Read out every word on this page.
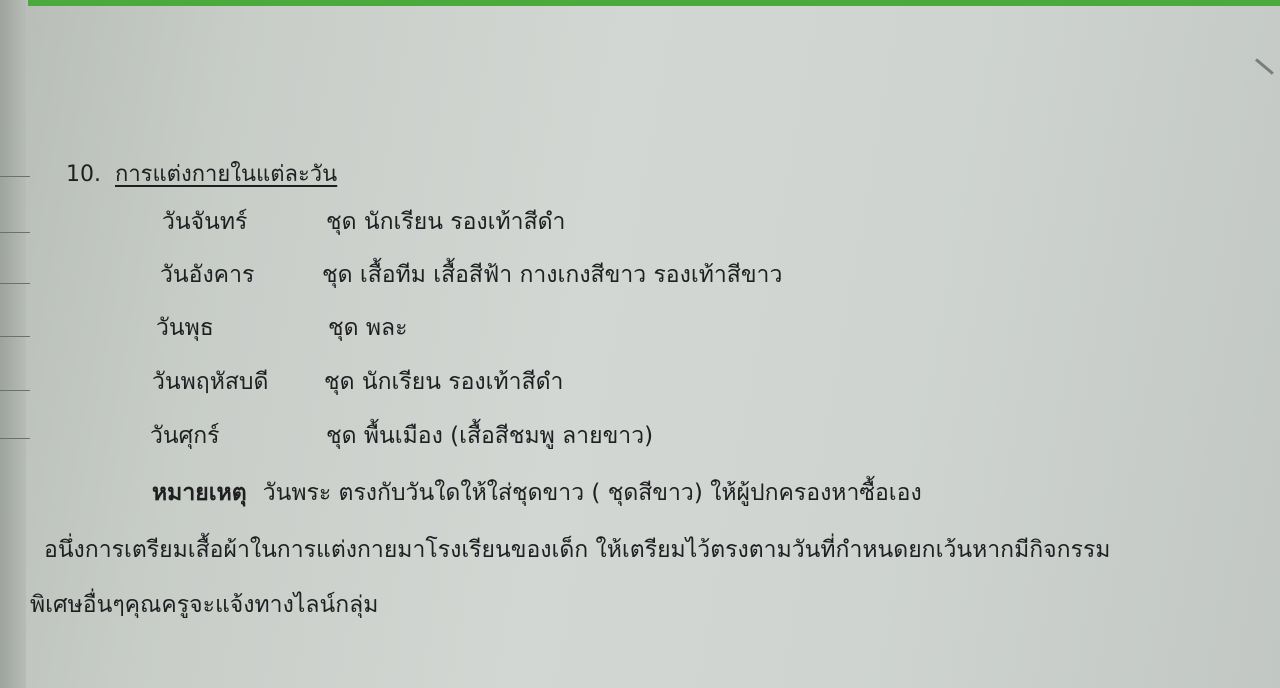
10. การแต่งกายในแต่ละวัน
วันจันทร์	ชุด นักเรียน รองเท้าสีดำ
วันอังคาร	ชุด เสื้อทีม เสื้อสีฟ้า กางเกงสีขาว รองเท้าสีขาว
วันพุธ	ชุด พละ
วันพฤหัสบดี ชุด นักเรียน รองเท้าสีดำ
วันศุกร์	ชุด พื้นเมือง (เสื้อสีชมพู ลายขาว)
หมายเหตุ วันพระ ตรงกับวันใดให้ใส่ชุดขาว ( ชุดสีขาว) ให้ผู้ปกครองหาซื้อเอง
อนึ่งการเตรียมเสื้อผ้าในการแต่งกายมาโรงเรียนของเด็ก ให้เตรียมไว้ตรงตามวันที่กำหนดยกเว้นหากมีกิจกรรม
พิเศษอื่นๆคุณครูจะแจ้งทางไลน์กลุ่ม
